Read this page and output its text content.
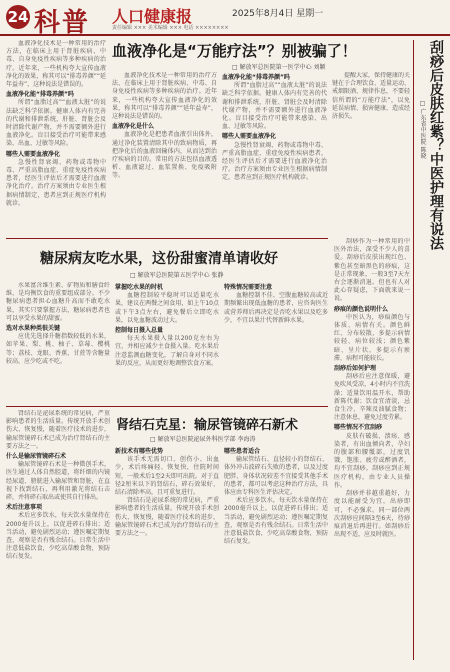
24 科普 人口健康报	2025年8月4日 星期一
责任编辑 ××× 美术编辑 ××× 电话 ××××××××
血液净化是“万能疗法”？别被骗了！
□ 解放军总医院第一医学中心 刘颖

血液净化技术是一种常用的治疗方法，在临床上用于肾脏疾病、中毒、自身免疫性疾病等多种疾病的治疗。近年来，一些机构夸大宣传血液净化的效果，称其可以“排毒养颜”“延年益寿”，这种说法是错误的。

血液净化是什么

血液净化是把患者血液引出体外，通过净化装置清除其中的致病物质，再把净化后的血液回输体内，从而达到治疗疾病的目的。常用的方法包括血液透析、血液滤过、血浆置换、免疫吸附等。

血液净化能“排毒养颜”吗

所谓“血脂过高”“血液太脏”的说法缺乏科学依据。健康人体内有完善的代谢和排泄系统，肝脏、肾脏会及时清除代谢产物，并不需要额外进行血液净化。盲目接受治疗可能带来感染、出血、过敏等风险。

哪些人需要血液净化

急慢性肾衰竭、药物或毒物中毒、严重高脂血症、重症免疫性疾病患者，经医生评估后才需要进行血液净化治疗。治疗方案须由专业医生根据病情制定，患者应到正规医疗机构就诊。

提醒大家，保持健康的关键在于合理饮食、适量运动、戒烟限酒、规律作息，不要轻信所谓的“万能疗法”，以免延误病情、损害健康、造成经济损失。

血液净化技术是一种常用的治疗方法，在临床上用于肾脏疾病、中毒、自身免疫性疾病等多种疾病的治疗。近年来，一些机构夸大宣传血液净化的效果，称其可以“排毒养颜”“延年益寿”，这种说法是错误的。

血液净化能“排毒养颜”吗

所谓“血脂过高”“血液太脏”的说法缺乏科学依据。健康人体内有完善的代谢和排泄系统，肝脏、肾脏会及时清除代谢产物，并不需要额外进行血液净化。盲目接受治疗可能带来感染、出血、过敏等风险。

哪些人需要血液净化

急慢性肾衰竭、药物或毒物中毒、严重高脂血症、重症免疫性疾病患者，经医生评估后才需要进行血液净化治疗。治疗方案须由专业医生根据病情制定，患者应到正规医疗机构就诊。	刮痧后皮肤红紫？中医护理有说法
□ 广东省中医院 陈晓

刮痧作为一种常用的中医外治法，深受不少人的喜爱。刮痧后皮肤出现红色、紫色甚至暗黑色的痧痕，这是正常现象，一般3至7天左右会逐渐消退。但也有人对此心存疑虑，下面就来说一说。

痧痕的颜色说明什么

中医认为，痧痕颜色与体质、病情有关。颜色鲜红、分布较散，多提示病情较轻、病位较浅；颜色紫暗、呈片状，多提示有瘀滞，病程可能较长。

刮痧后如何护理

刮痧后应注意保暖，避免吹风受凉，4小时内不宜洗澡；适量饮用温开水，帮助新陈代谢；饮食宜清淡，忌食生冷、辛辣及油腻食物；注意休息，避免过度劳累。

哪些情况不宜刮痧

皮肤有破损、溃疡、感染者，有出血倾向者，孕妇的腹部和腰骶部，过度饥饿、饱胀、疲劳或醉酒者，均不宜刮痧。刮痧应到正规医疗机构，由专业人员操作。

刮痧并非越重越好，力度以能耐受为宜，出痧即可，不必强求。同一部位两次刮痧应间隔3至6天，待痧痕消退后再进行。如刮痧后出现不适，应及时就医。

糖尿病友吃水果，这份甜蜜清单请收好
□ 解放军总医院第五医学中心 张静

水果富含维生素、矿物质和膳食纤维，是均衡饮食的重要组成部分。不少糖尿病患者担心血糖升高而不敢吃水果，其实只要掌握方法，糖尿病患者也可以享受水果的甜蜜。

选对水果种类很关键

应优先选择升糖指数较低的水果，如苹果、梨、桃、柚子、草莓、樱桃等；荔枝、龙眼、香蕉、甘蔗等含糖量较高，应少吃或不吃。

掌握吃水果的时机

血糖控制较平稳时可以适量吃水果，建议在两餐之间食用，如上午10点或下午3点左右，避免餐后立即吃水果，以免血糖波动过大。

控制每日摄入总量

每天水果摄入量以200克左右为宜，并相应减少主食摄入量。吃水果后注意监测血糖变化，了解自身对不同水果的反应，从而更好地调整饮食方案。

特殊情况需要注意

血糖控制不佳、空腹血糖较高或近期频繁出现低血糖的患者，应咨询医生或营养师后再决定是否吃水果以及吃多少，不宜以果汁代替新鲜水果。

肾结石是泌尿系统的常见病，严重影响患者的生活质量。传统开放手术创伤大、恢复慢，随着医疗技术的进步，输尿管镜碎石术已成为治疗肾结石的主要方法之一。

什么是输尿管镜碎石术

输尿管镜碎石术是一种微创手术，医生通过人体自然腔道，将纤细的内镜经尿道、膀胱进入输尿管和肾脏，在直视下找到结石，再利用激光将结石击碎，并将碎石取出或使其自行排出。

术后注意事项

术后应多饮水，每天饮水量保持在2000毫升以上，以促进碎石排出；适当活动，避免剧烈运动；遵医嘱定期复查，观察是否有残余结石。日常生活中注意低盐饮食，少吃高草酸食物，预防结石复发。

肾结石克星：输尿管镜碎石新术
□ 解放军总医院泌尿外科医学部 李海涛

新技术有哪些优势

该手术无需切口、创伤小、出血少，术后疼痛轻、恢复快，住院时间短，一般术后1至2天即可出院。对于直径2厘米以下的肾结石，碎石效果好、结石清除率高，且可重复进行。

肾结石是泌尿系统的常见病，严重影响患者的生活质量。传统开放手术创伤大、恢复慢，随着医疗技术的进步，输尿管镜碎石术已成为治疗肾结石的主要方法之一。

哪些患者适合

输尿管结石、直径较小的肾结石、体外冲击波碎石失败的患者，以及过度肥胖、身体状况较差不宜接受其他手术的患者，都可以考虑这种治疗方法，具体应由专科医生评估决定。

术后应多饮水，每天饮水量保持在2000毫升以上，以促进碎石排出；适当活动，避免剧烈运动；遵医嘱定期复查，观察是否有残余结石。日常生活中注意低盐饮食，少吃高草酸食物，预防结石复发。
